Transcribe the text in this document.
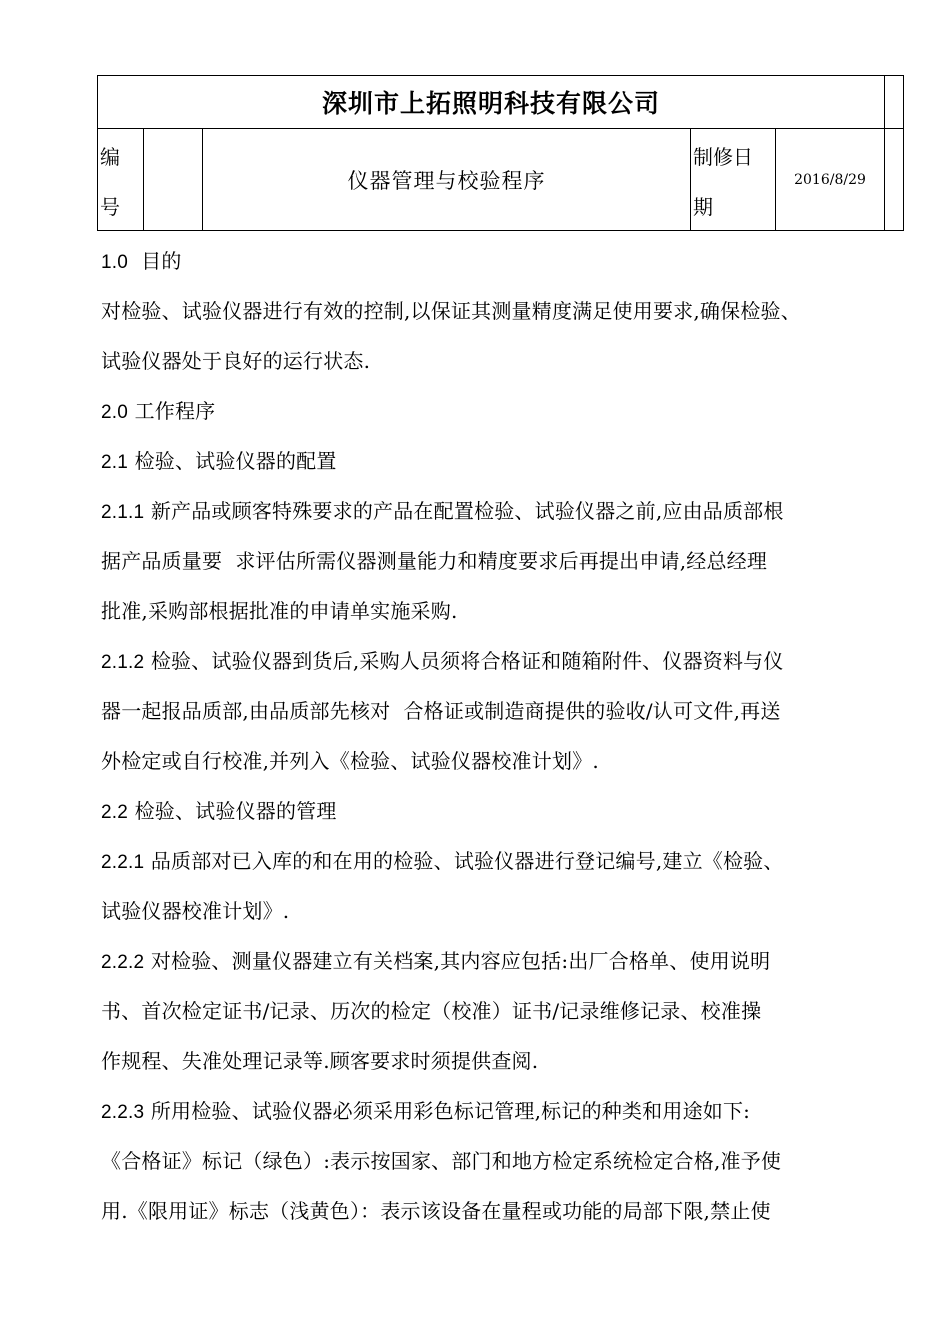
深圳市上拓照明科技有限公司
编
号
仪器管理与校验程序
制修日
期
2016/8/29
1.0  目的
对检验、试验仪器进行有效的控制,以保证其测量精度满足使用要求,确保检验、
试验仪器处于良好的运行状态.
2.0 工作程序
2.1 检验、试验仪器的配置
2.1.1 新产品或顾客特殊要求的产品在配置检验、试验仪器之前,应由品质部根
据产品质量要  求评估所需仪器测量能力和精度要求后再提出申请,经总经理
批准,采购部根据批准的申请单实施采购.
2.1.2 检验、试验仪器到货后,采购人员须将合格证和随箱附件、仪器资料与仪
器一起报品质部,由品质部先核对  合格证或制造商提供的验收/认可文件,再送
外检定或自行校准,并列入《检验、试验仪器校准计划》.
2.2 检验、试验仪器的管理
2.2.1 品质部对已入库的和在用的检验、试验仪器进行登记编号,建立《检验、
试验仪器校准计划》.
2.2.2 对检验、测量仪器建立有关档案,其内容应包括:出厂合格单、使用说明
书、首次检定证书/记录、历次的检定（校准）证书/记录维修记录、校准操
作规程、失准处理记录等.顾客要求时须提供查阅.
2.2.3 所用检验、试验仪器必须采用彩色标记管理,标记的种类和用途如下:
《合格证》标记（绿色）:表示按国家、部门和地方检定系统检定合格,准予使
用.《限用证》标志（浅黄色）：表示该设备在量程或功能的局部下限,禁止使
